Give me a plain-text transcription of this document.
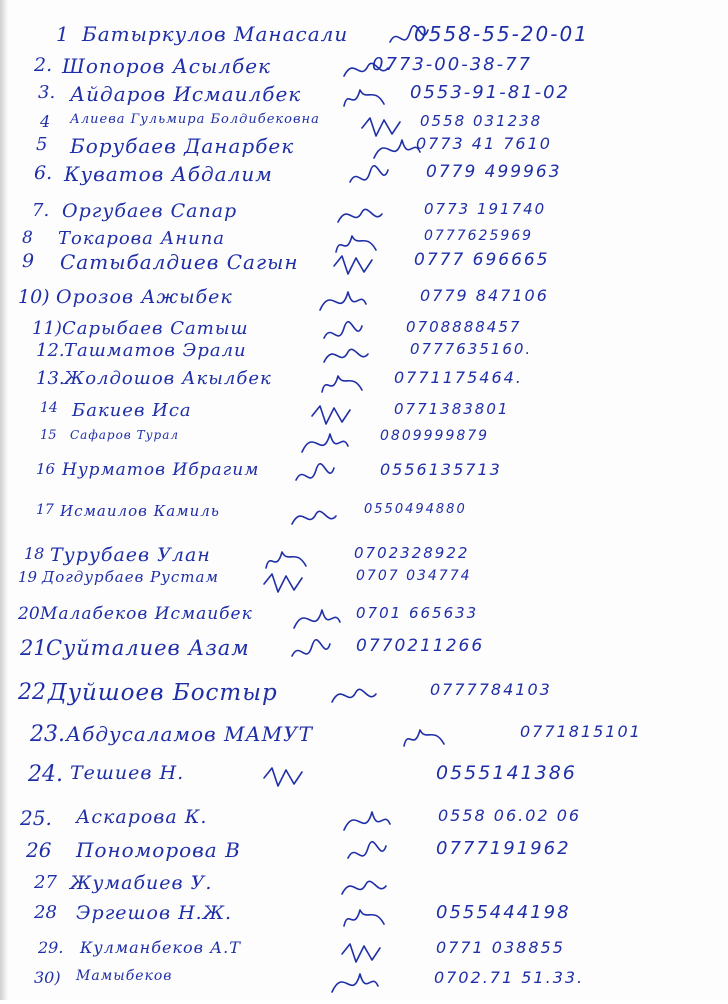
1 Батыркулов Манасали	0558-55-20-01
2. Шопоров Асылбек	0773-00-38-77
3. Айдаров Исмаилбек	0553-91-81-02
4 Алиева Гульмира Болдибековна	0558 031238
5 Борубаев Данарбек	0773 41 7610
6. Куватов Абдалим	0779 499963
7. Оргубаев Сапар	0773 191740
8 Токарова Анипа	0777625969
9 Сатыбалдиев Сагын	0777 696665
10) Орозов Ажыбек	0779 847106
11) Сарыбаев Сатыш	0708888457
12. Ташматов Эрали	0777635160.
13. Жолдошов Акылбек	0771175464.
14 Бакиев Иса	0771383801
15 Сафаров Турал	0809999879
16 Нурматов Ибрагим	0556135713
17 Исмаилов Камиль	0550494880
18 Турубаев Улан	0702328922
19 Догдурбаев Рустам	0707 034774
20 Малабеков Исмаибек	0701 665633
21 Суйталиев Азам	0770211266
22 Дуйшоев Бостыр	0777784103
23. Абдусаламов МАМУТ	0771815101
24. Тешиев Н.	0555141386
25. Аскарова К.	0558 06.02 06
26 Пономорова В	0777191962
27 Жумабиев У.
28 Эргешов Н.Ж.	0555444198
29. Кулманбеков А.Т	0771 038855
30) Мамыбеков	0702.71 51.33.
